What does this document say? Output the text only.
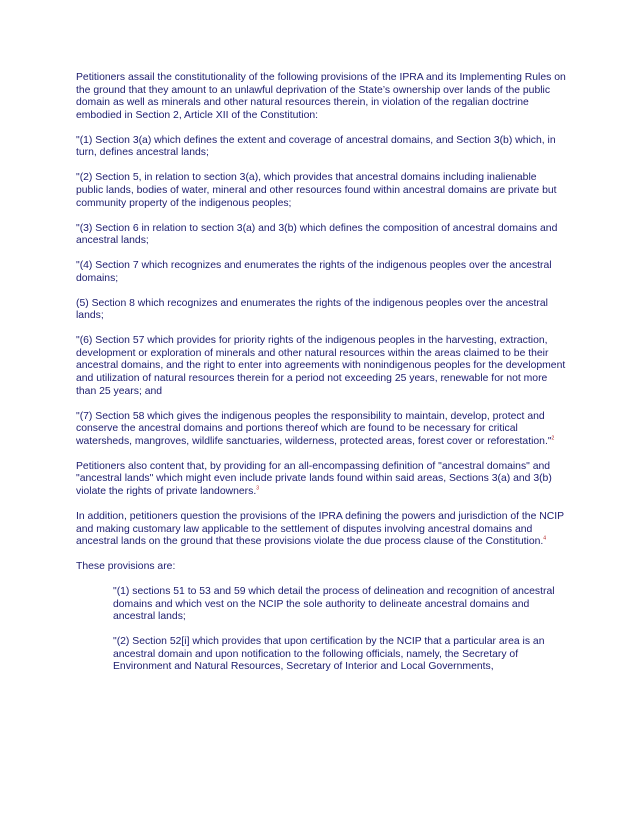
Petitioners assail the constitutionality of the following provisions of the IPRA and its Implementing Rules on the ground that they amount to an unlawful deprivation of the State’s ownership over lands of the public domain as well as minerals and other natural resources therein, in violation of the regalian doctrine embodied in Section 2, Article XII of the Constitution:

"(1) Section 3(a) which defines the extent and coverage of ancestral domains, and Section 3(b) which, in turn, defines ancestral lands;

"(2) Section 5, in relation to section 3(a), which provides that ancestral domains including inalienable public lands, bodies of water, mineral and other resources found within ancestral domains are private but community property of the indigenous peoples;

"(3) Section 6 in relation to section 3(a) and 3(b) which defines the composition of ancestral domains and ancestral lands;

"(4) Section 7 which recognizes and enumerates the rights of the indigenous peoples over the ancestral domains;

(5) Section 8 which recognizes and enumerates the rights of the indigenous peoples over the ancestral lands;

"(6) Section 57 which provides for priority rights of the indigenous peoples in the harvesting, extraction, development or exploration of minerals and other natural resources within the areas claimed to be their ancestral domains, and the right to enter into agreements with nonindigenous peoples for the development and utilization of natural resources therein for a period not exceeding 25 years, renewable for not more than 25 years; and

"(7) Section 58 which gives the indigenous peoples the responsibility to maintain, develop, protect and conserve the ancestral domains and portions thereof which are found to be necessary for critical watersheds, mangroves, wildlife sanctuaries, wilderness, protected areas, forest cover or reforestation."$^2$

Petitioners also content that, by providing for an all-encompassing definition of "ancestral domains" and "ancestral lands" which might even include private lands found within said areas, Sections 3(a) and 3(b) violate the rights of private landowners.$^3$

In addition, petitioners question the provisions of the IPRA defining the powers and jurisdiction of the NCIP and making customary law applicable to the settlement of disputes involving ancestral domains and ancestral lands on the ground that these provisions violate the due process clause of the Constitution.$^4$

These provisions are:

"(1) sections 51 to 53 and 59 which detail the process of delineation and recognition of ancestral domains and which vest on the NCIP the sole authority to delineate ancestral domains and ancestral lands;

"(2) Section 52[i] which provides that upon certification by the NCIP that a particular area is an ancestral domain and upon notification to the following officials, namely, the Secretary of Environment and Natural Resources, Secretary of Interior and Local Governments,
